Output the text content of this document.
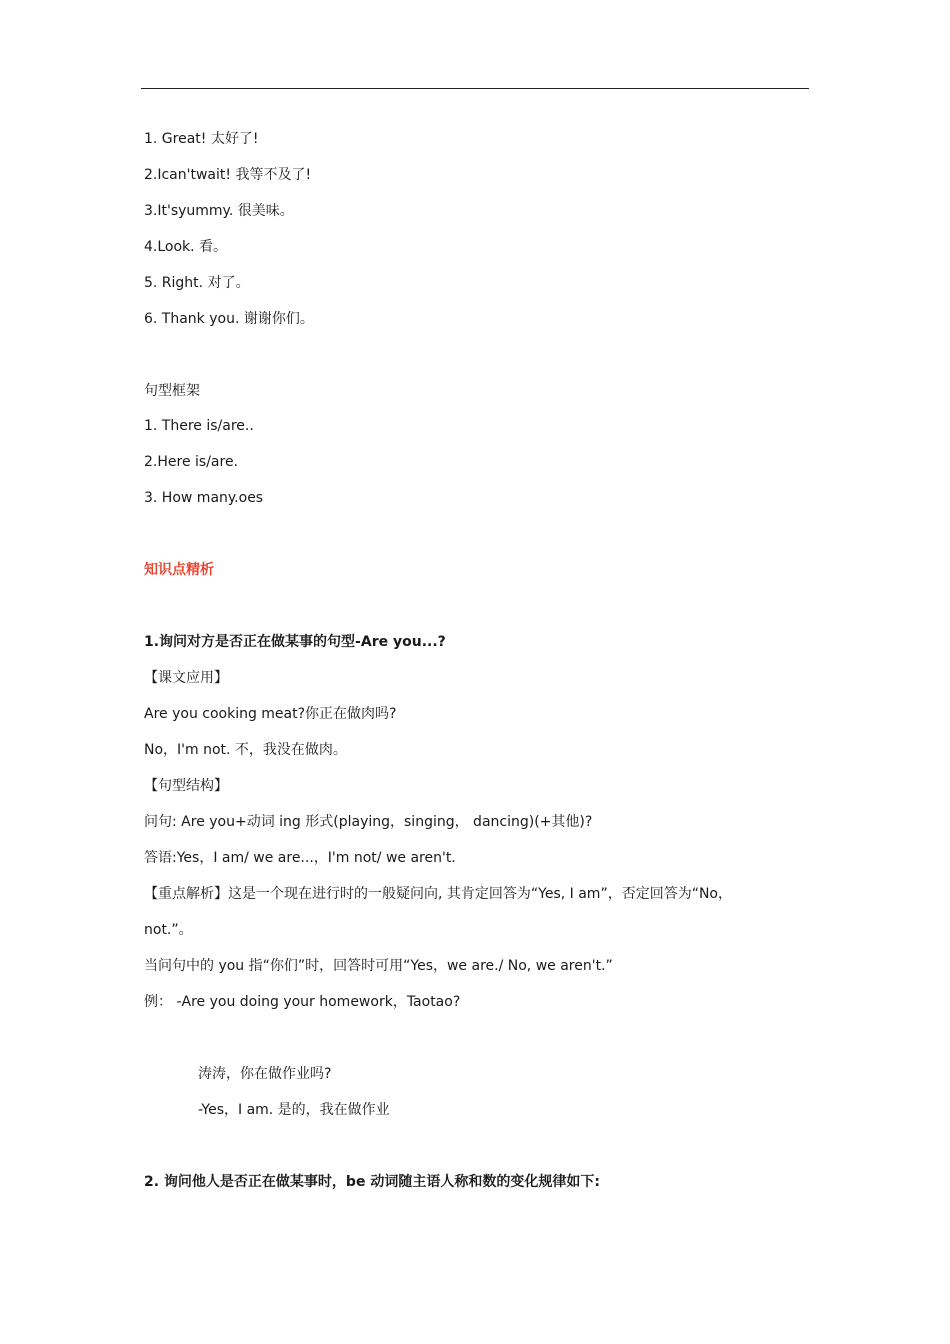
1. Great! 太好了!
2.Ican'twait! 我等不及了!
3.It'syummy. 很美味。
4.Look. 看。
5. Right. 对了。
6. Thank you. 谢谢你们。
句型框架
1. There is/are..
2.Here is/are.
3. How many.oes
知识点精析
1.询问对方是否正在做某事的句型-Are you...?
【课文应用】
Are you cooking meat?你正在做肉吗?
No，I'm not. 不，我没在做肉。
【句型结构】
问句: Are you+动词 ing 形式(playing，singing， dancing)(+其他)?
答语:Yes，I am/ we are...，I'm not/ we aren't.
【重点解析】这是一个现在进行时的一般疑问向, 其肯定回答为“Yes, I am”，否定回答为“No，
not.”。
当问句中的 you 指“你们”时，回答时可用“Yes，we are./ No, we aren't.”
例： -Are you doing your homework，Taotao?
涛涛，你在做作业吗?
-Yes，I am. 是的，我在做作业
2. 询问他人是否正在做某事时，be 动词随主语人称和数的变化规律如下:
